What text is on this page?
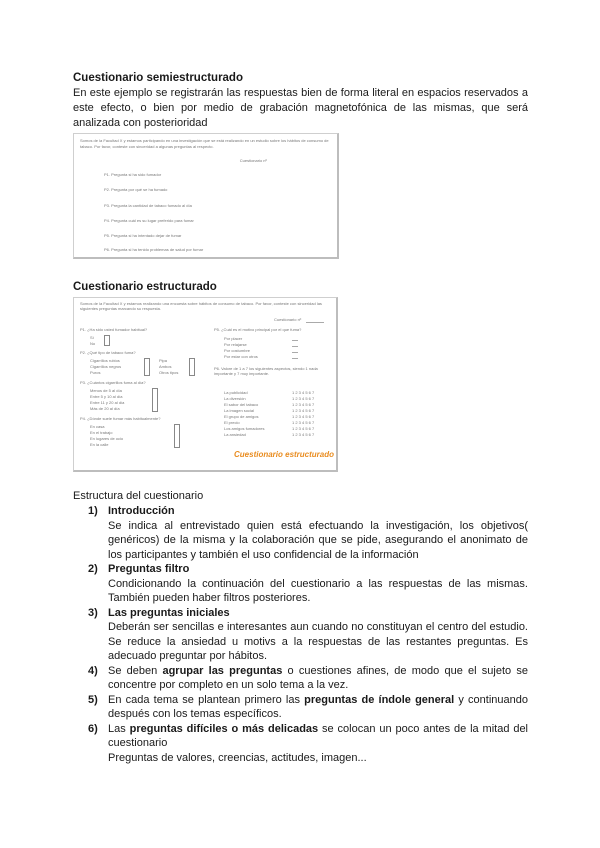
Cuestionario semiestructurado
En este ejemplo se registrarán las respuestas bien de forma literal en espacios reservados a este efecto, o bien por medio de grabación magnetofónica de las mismas, que será analizada con posterioridad
Somos de la Facultad X y estamos participando en una investigación que se está realizando en un estudio sobre los hábitos de consumo de tabaco. Por favor, conteste con sinceridad a algunas preguntas al respecto.
Cuestionario nº
P1. Pregunta si ha sido fumador
P2. Pregunta por qué se ha fumado
P3. Pregunta la cantidad de tabaco fumado al día
P4. Pregunta cuál es su lugar preferido para fumar
P5. Pregunta si ha intentado dejar de fumar
P6. Pregunta si ha tenido problemas de salud por fumar
Cuestionario estructurado
Somos de la Facultad X y estamos realizando una encuesta sobre hábitos de consumo de tabaco. Por favor, conteste con sinceridad las siguientes preguntas marcando su respuesta.
Cuestionario nº
P1. ¿Ha sido usted fumador habitual?
Sí
No
P2. ¿Qué tipo de tabaco fuma?
Cigarrillos rubios
Cigarrillos negros
Puros
Pipa
Ambos
Otros tipos
P3. ¿Cuántos cigarrillos fuma al día?
Menos de 5 al día
Entre 5 y 10 al día
Entre 11 y 20 al día
Más de 20 al día
P4. ¿Dónde suele fumar más habitualmente?
En casa
En el trabajo
En lugares de ocio
En la calle
P5. ¿Cuál es el motivo principal por el que fuma?
Por placer
Por relajarse
Por costumbre
Por estar con otros
P6. Valore de 1 a 7 los siguientes aspectos, siendo 1 nada importante y 7 muy importante.
La publicidad
La diversión
El sabor del tabaco
La imagen social
El grupo de amigos
El precio
Los amigos fumadores
La ansiedad
1 2 3 4 5 6 7
1 2 3 4 5 6 7
1 2 3 4 5 6 7
1 2 3 4 5 6 7
1 2 3 4 5 6 7
1 2 3 4 5 6 7
1 2 3 4 5 6 7
1 2 3 4 5 6 7
Cuestionario estructurado
Estructura del cuestionario
1) Introducción
Se indica al entrevistado quien está efectuando la investigación, los objetivos( genéricos) de la misma y la colaboración que se pide, asegurando el anonimato de los participantes y también el uso confidencial de la información
2) Preguntas filtro
Condicionando la continuación del cuestionario a las respuestas de las mismas. También pueden haber filtros posteriores.
3) Las preguntas iniciales
Deberán ser sencillas e interesantes aun cuando no constituyan el centro del estudio. Se reduce la ansiedad u motivs a la respuestas de las restantes preguntas. Es adecuado preguntar por hábitos.
4) Se deben agrupar las preguntas o cuestiones afines, de modo que el sujeto se concentre por completo en un solo tema a la vez.
5) En cada tema se plantean primero las preguntas de índole general y continuando después con los temas específicos.
6) Las preguntas difíciles o más delicadas se colocan un poco antes de la mitad del cuestionario
Preguntas de valores, creencias, actitudes, imagen...
